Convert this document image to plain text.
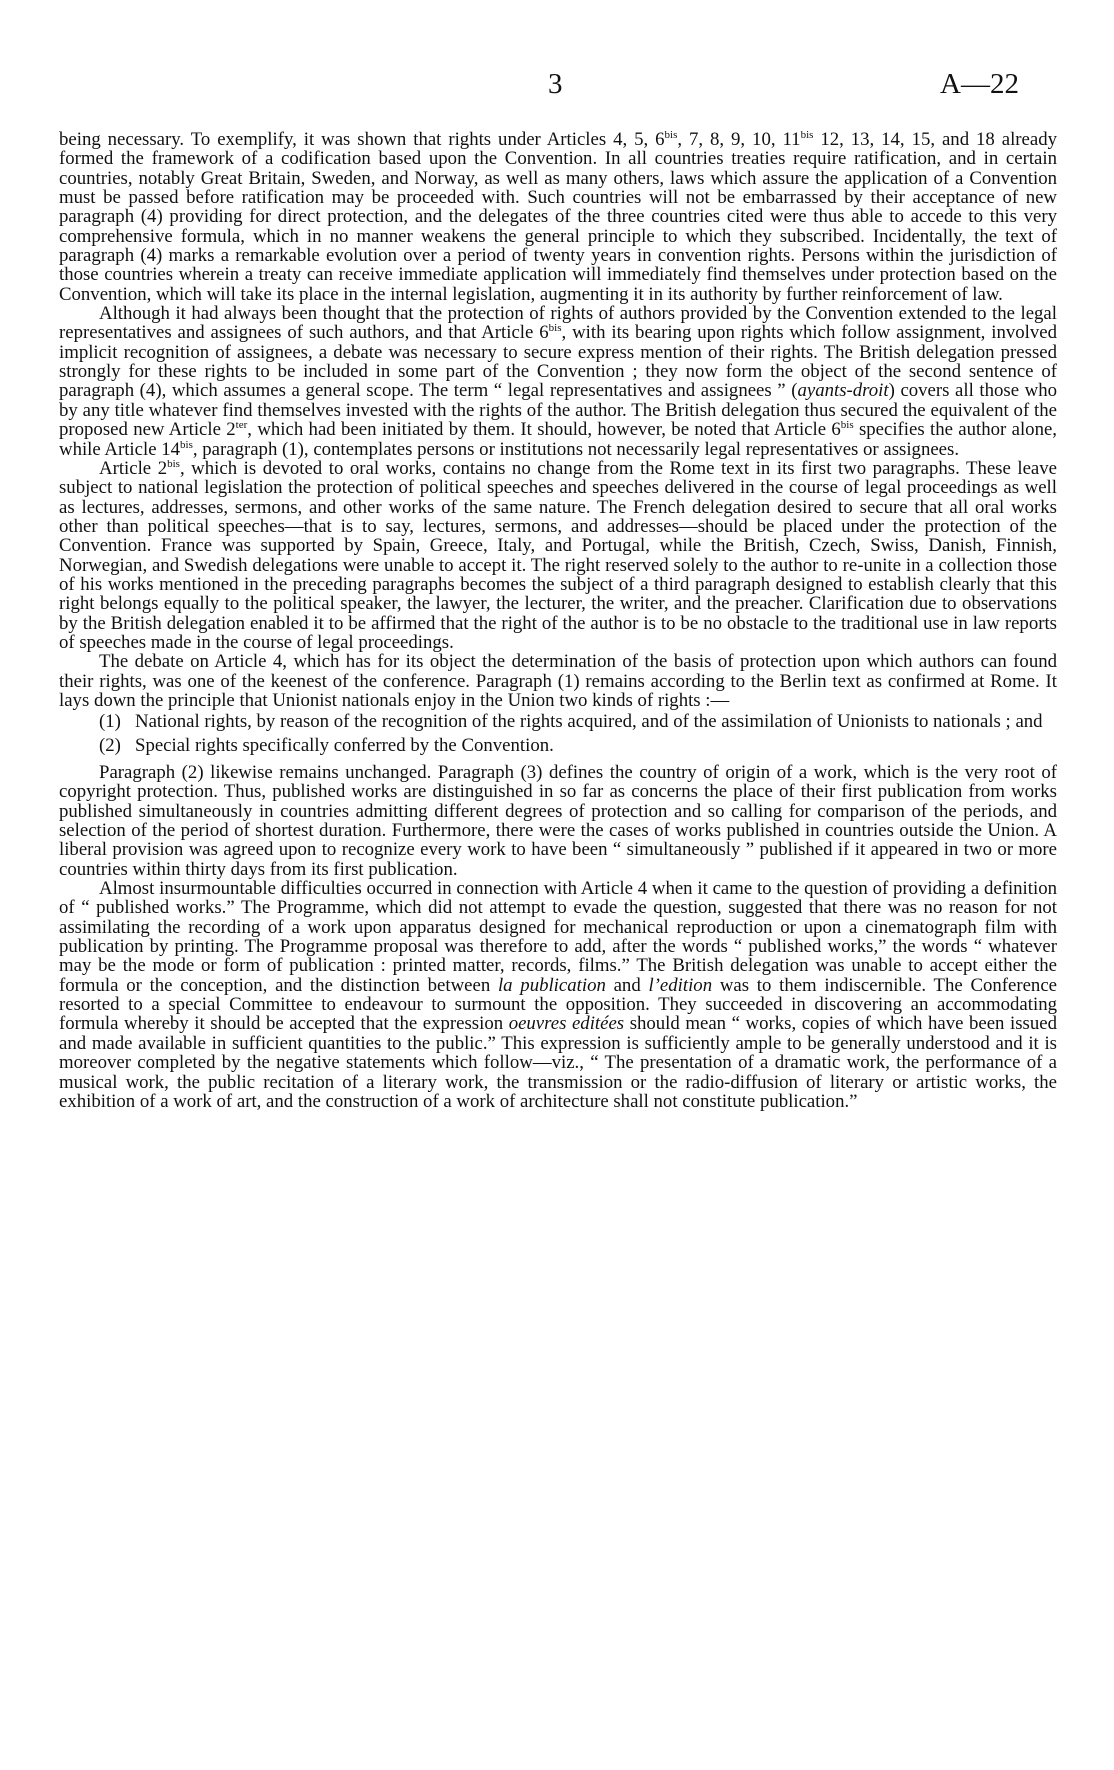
3	A—22

being necessary. To exemplify, it was shown that rights under Articles 4, 5, $6^{bis}$, 7, 8, 9, 10, $11^{bis}$ 12, 13, 14, 15, and 18 already formed the framework of a codification based upon the Convention. In all countries treaties require ratification, and in certain countries, notably Great Britain, Sweden, and Norway, as well as many others, laws which assure the application of a Convention must be passed before ratification may be proceeded with. Such countries will not be embarrassed by their acceptance of new paragraph (4) providing for direct protection, and the delegates of the three countries cited were thus able to accede to this very comprehensive formula, which in no manner weakens the general principle to which they subscribed. Incidentally, the text of paragraph (4) marks a remarkable evolution over a period of twenty years in convention rights. Persons within the jurisdiction of those countries wherein a treaty can receive immediate application will immediately find themselves under protection based on the Convention, which will take its place in the internal legislation, augmenting it in its authority by further reinforcement of law.

Although it had always been thought that the protection of rights of authors provided by the Convention extended to the legal representatives and assignees of such authors, and that Article $6^{bis}$, with its bearing upon rights which follow assignment, involved implicit recognition of assignees, a debate was necessary to secure express mention of their rights. The British delegation pressed strongly for these rights to be included in some part of the Convention ; they now form the object of the second sentence of paragraph (4), which assumes a general scope. The term “ legal representatives and assignees ” (ayants-droit) covers all those who by any title whatever find themselves invested with the rights of the author. The British delegation thus secured the equivalent of the proposed new Article $2^{ter}$, which had been initiated by them. It should, however, be noted that Article $6^{bis}$ specifies the author alone, while Article $14^{bis}$, paragraph (1), contemplates persons or institutions not necessarily legal representatives or assignees.

Article $2^{bis}$, which is devoted to oral works, contains no change from the Rome text in its first two paragraphs. These leave subject to national legislation the protection of political speeches and speeches delivered in the course of legal proceedings as well as lectures, addresses, sermons, and other works of the same nature. The French delegation desired to secure that all oral works other than political speeches—that is to say, lectures, sermons, and addresses—should be placed under the protection of the Convention. France was supported by Spain, Greece, Italy, and Portugal, while the British, Czech, Swiss, Danish, Finnish, Norwegian, and Swedish delegations were unable to accept it. The right reserved solely to the author to re-unite in a collection those of his works mentioned in the preceding paragraphs becomes the subject of a third paragraph designed to establish clearly that this right belongs equally to the political speaker, the lawyer, the lecturer, the writer, and the preacher. Clarification due to observations by the British delegation enabled it to be affirmed that the right of the author is to be no obstacle to the traditional use in law reports of speeches made in the course of legal proceedings.

The debate on Article 4, which has for its object the determination of the basis of protection upon which authors can found their rights, was one of the keenest of the conference. Paragraph (1) remains according to the Berlin text as confirmed at Rome. It lays down the principle that Unionist nationals enjoy in the Union two kinds of rights :—

(1) National rights, by reason of the recognition of the rights acquired, and of the assimilation of Unionists to nationals ; and

(2) Special rights specifically conferred by the Convention.

Paragraph (2) likewise remains unchanged. Paragraph (3) defines the country of origin of a work, which is the very root of copyright protection. Thus, published works are distinguished in so far as concerns the place of their first publication from works published simultaneously in countries admitting different degrees of protection and so calling for comparison of the periods, and selection of the period of shortest duration. Furthermore, there were the cases of works published in countries outside the Union. A liberal provision was agreed upon to recognize every work to have been “ simultaneously ” published if it appeared in two or more countries within thirty days from its first publication.

Almost insurmountable difficulties occurred in connection with Article 4 when it came to the question of providing a definition of “ published works.” The Programme, which did not attempt to evade the question, suggested that there was no reason for not assimilating the recording of a work upon apparatus designed for mechanical reproduction or upon a cinematograph film with publication by printing. The Programme proposal was therefore to add, after the words “ published works,” the words “ whatever may be the mode or form of publication : printed matter, records, films.” The British delegation was unable to accept either the formula or the conception, and the distinction between la publication and l’edition was to them indiscernible. The Conference resorted to a special Committee to endeavour to surmount the opposition. They succeeded in discovering an accommodating formula whereby it should be accepted that the expression oeuvres editées should mean “ works, copies of which have been issued and made available in sufficient quantities to the public.” This expression is sufficiently ample to be generally understood and it is moreover completed by the negative statements which follow—viz., “ The presentation of a dramatic work, the performance of a musical work, the public recitation of a literary work, the transmission or the radio-diffusion of literary or artistic works, the exhibition of a work of art, and the construction of a work of architecture shall not constitute publication.”
